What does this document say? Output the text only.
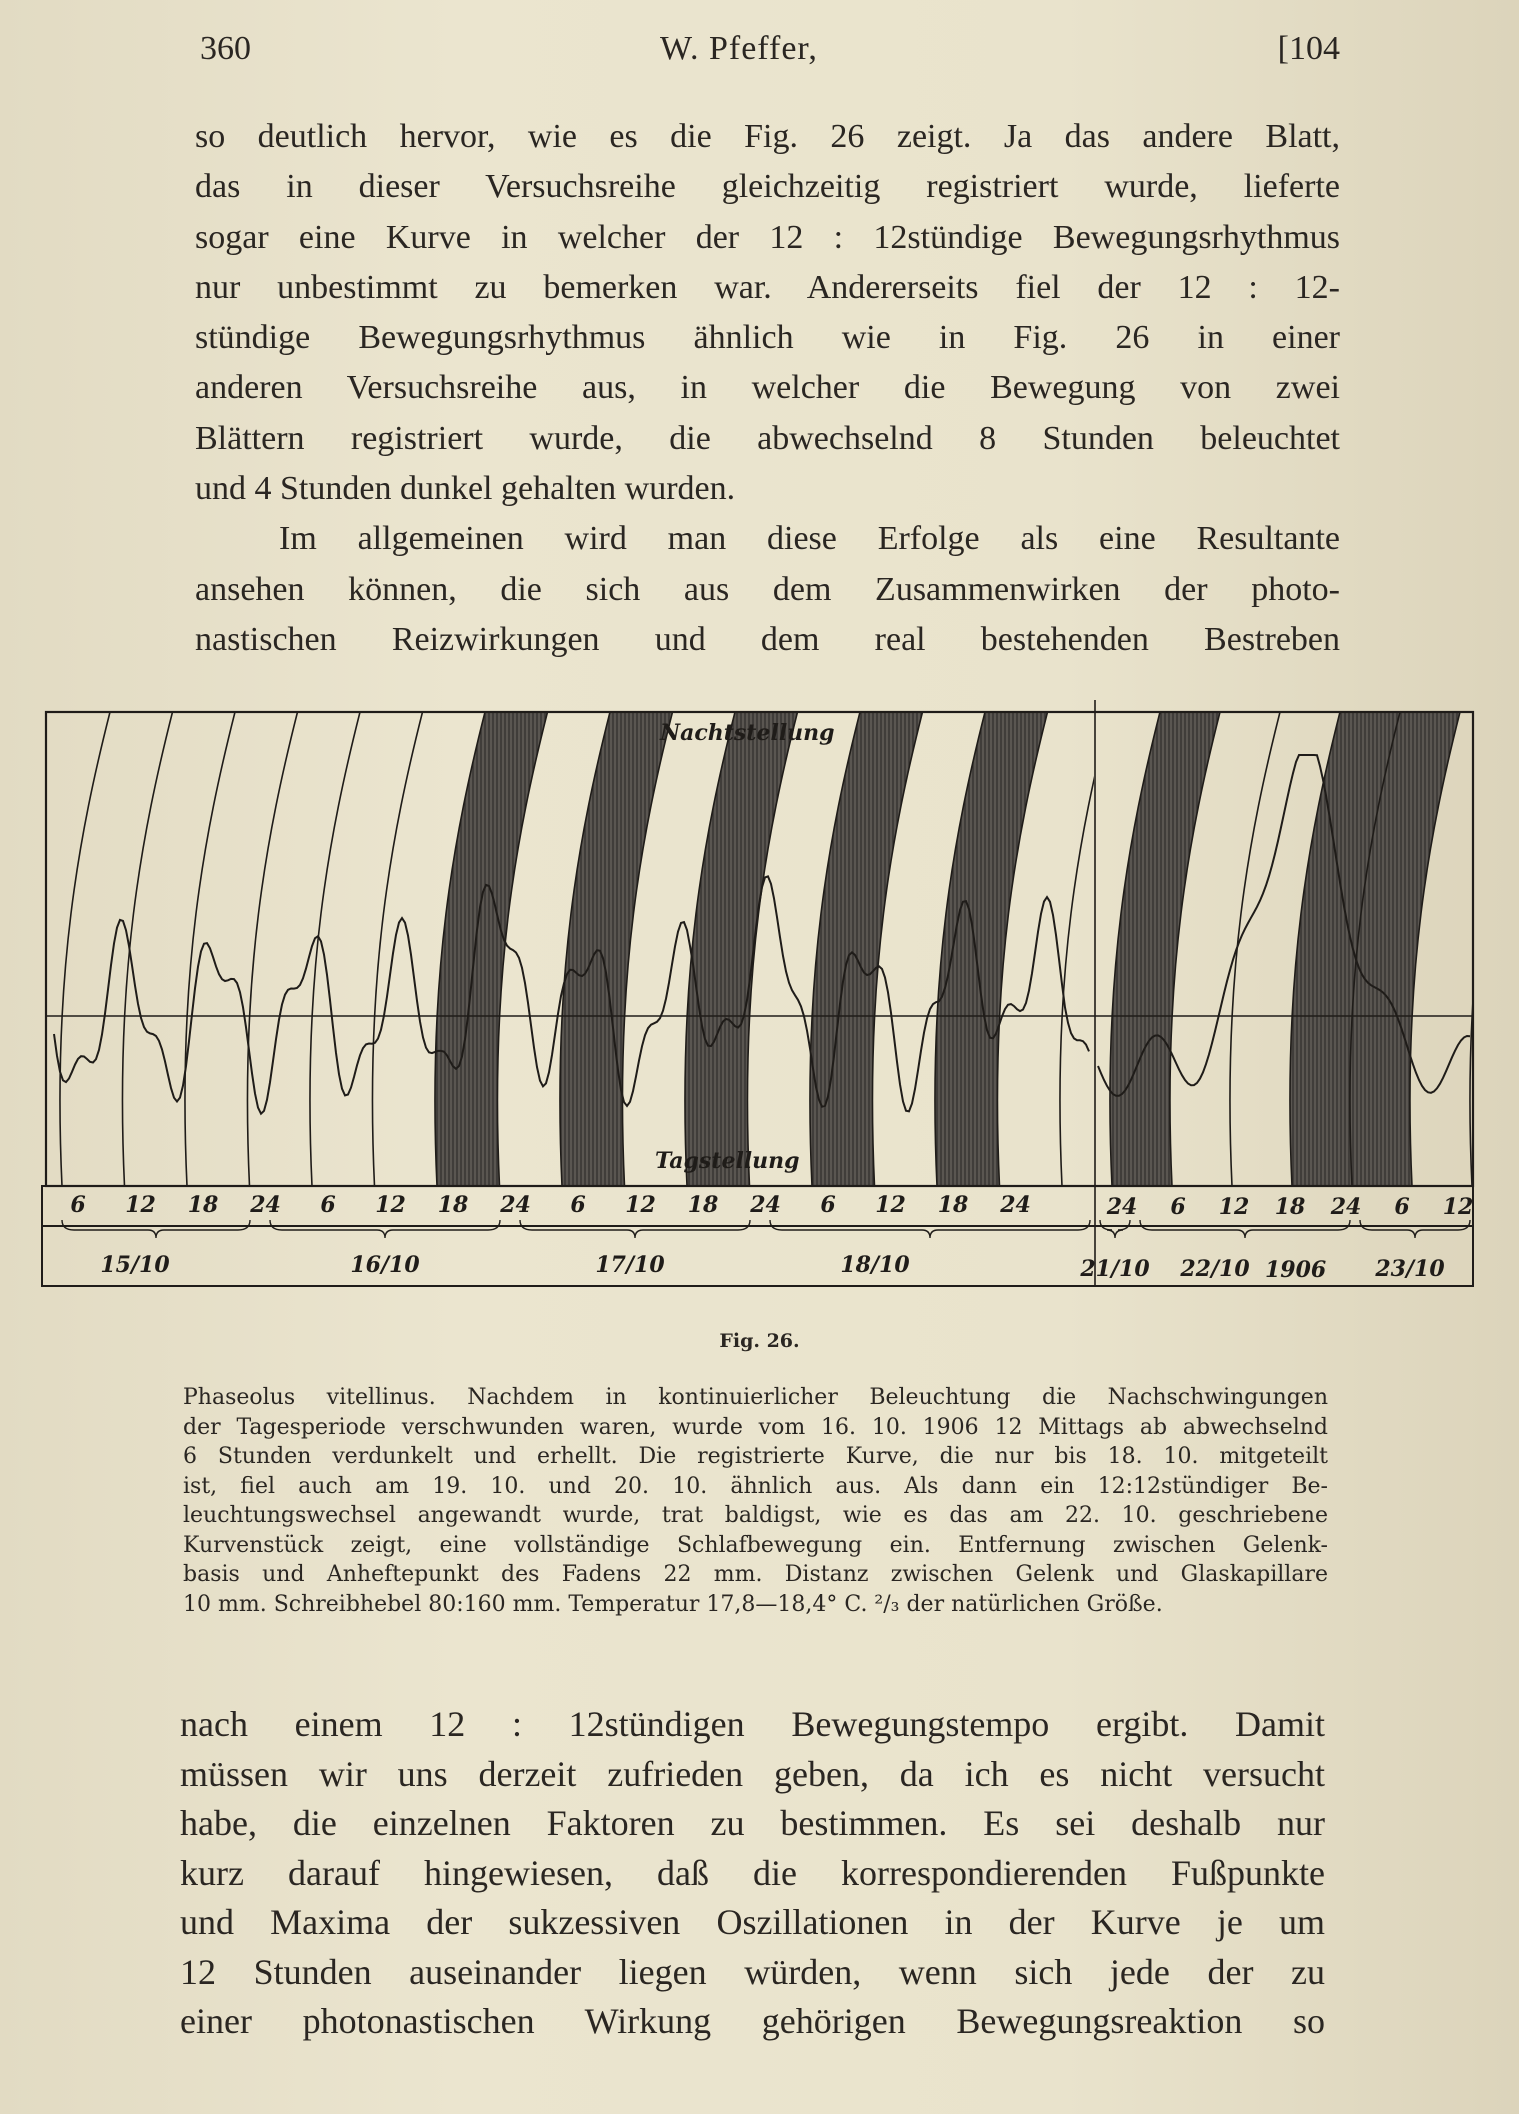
360	W. Pfeffer,	[104
so deutlich hervor, wie es die Fig. 26 zeigt. Ja das andere Blatt,
das in dieser Versuchsreihe gleichzeitig registriert wurde, lieferte
sogar eine Kurve in welcher der 12 : 12stündige Bewegungsrhythmus
nur unbestimmt zu bemerken war. Andererseits fiel der 12 : 12-
stündige Bewegungsrhythmus ähnlich wie in Fig. 26 in einer
anderen Versuchsreihe aus, in welcher die Bewegung von zwei
Blättern registriert wurde, die abwechselnd 8 Stunden beleuchtet
und 4 Stunden dunkel gehalten wurden.
Im allgemeinen wird man diese Erfolge als eine Resultante
ansehen können, die sich aus dem Zusammenwirken der photo-
nastischen Reizwirkungen und dem real bestehenden Bestreben
Nachtstellung
Tagstellung
6 12 18 24 6 12 18 24 6 12 18 24 6 12 18 24	24 6 12 18 24 6 12
15/10	16/10	17/10	18/10	21/10 22/10	23/10
1906
Fig. 26.
Phaseolus vitellinus. Nachdem in kontinuierlicher Beleuchtung die Nachschwingungen
der Tagesperiode verschwunden waren, wurde vom 16. 10. 1906 12 Mittags ab abwechselnd
6 Stunden verdunkelt und erhellt. Die registrierte Kurve, die nur bis 18. 10. mitgeteilt
ist, fiel auch am 19. 10. und 20. 10. ähnlich aus. Als dann ein 12:12stündiger Be-
leuchtungswechsel angewandt wurde, trat baldigst, wie es das am 22. 10. geschriebene
Kurvenstück zeigt, eine vollständige Schlafbewegung ein. Entfernung zwischen Gelenk-
basis und Anheftepunkt des Fadens 22 mm. Distanz zwischen Gelenk und Glaskapillare
10 mm. Schreibhebel 80:160 mm. Temperatur 17,8—18,4° C. ²/₃ der natürlichen Größe.
nach einem 12 : 12stündigen Bewegungstempo ergibt. Damit
müssen wir uns derzeit zufrieden geben, da ich es nicht versucht
habe, die einzelnen Faktoren zu bestimmen. Es sei deshalb nur
kurz darauf hingewiesen, daß die korrespondierenden Fußpunkte
und Maxima der sukzessiven Oszillationen in der Kurve je um
12 Stunden auseinander liegen würden, wenn sich jede der zu
einer photonastischen Wirkung gehörigen Bewegungsreaktion so
